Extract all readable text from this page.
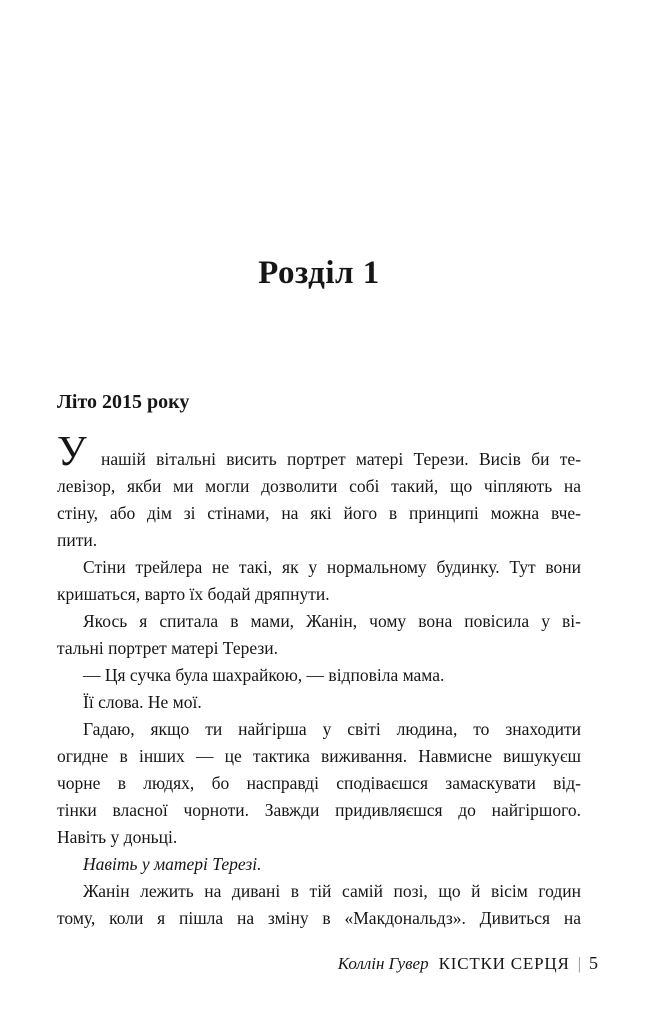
Розділ 1
Літо 2015 року
У нашій вітальні висить портрет матері Терези. Висів би те-
левізор, якби ми могли дозволити собі такий, що чіпляють на
стіну, або дім зі стінами, на які його в принципі можна вче-
пити.
Стіни трейлера не такі, як у нормальному будинку. Тут вони
кришаться, варто їх бодай дряпнути.
Якось я спитала в мами, Жанін, чому вона повісила у ві-
тальні портрет матері Терези.
— Ця сучка була шахрайкою, — відповіла мама.
Її слова. Не мої.
Гадаю, якщо ти найгірша у світі людина, то знаходити
огидне в інших — це тактика виживання. Навмисне вишукуєш
чорне в людях, бо насправді сподіваєшся замаскувати від-
тінки власної чорноти. Завжди придивляєшся до найгіршого.
Навіть у доньці.
Навіть у матері Терезі.
Жанін лежить на дивані в тій самій позі, що й вісім годин
тому, коли я пішла на зміну в «Макдональдз». Дивиться на
Коллін Гувер КІСТКИ СЕРЦЯ | 5
